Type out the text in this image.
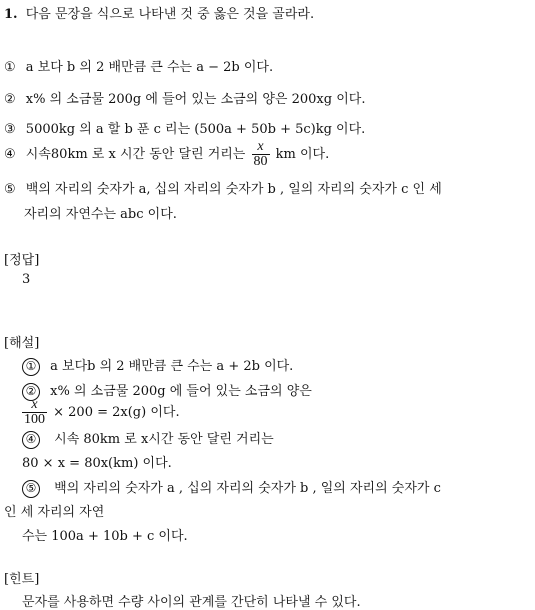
1. 다음 문장을 식으로 나타낸 것 중 옳은 것을 골라라.
① a 보다 b 의 2 배만큼 큰 수는 a − 2b 이다.
② x% 의 소금물 200g 에 들어 있는 소금의 양은 200xg 이다.
③ 5000kg 의 a 할 b 푼 c 리는 (500a + 50b + 5c)kg 이다.
④ 시속80km 로 x 시간 동안 달린 거리는 $\frac{x}{80}$ km 이다.
⑤ 백의 자리의 숫자가 a, 십의 자리의 숫자가 b , 일의 자리의 숫자가 c 인 세
자리의 자연수는 abc 이다.
[정답]
3
[해설]
① a 보다b 의 2 배만큼 큰 수는 a + 2b 이다.
② x% 의 소금물 200g 에 들어 있는 소금의 양은
$\frac{x}{100} \times 200 = 2x(g)$ 이다.
④ 시속 80km 로 x시간 동안 달린 거리는
80 × x = 80x(km) 이다.
⑤ 백의 자리의 숫자가 a , 십의 자리의 숫자가 b , 일의 자리의 숫자가 c
인 세 자리의 자연
수는 100a + 10b + c 이다.
[힌트]
문자를 사용하면 수량 사이의 관계를 간단히 나타낼 수 있다.
